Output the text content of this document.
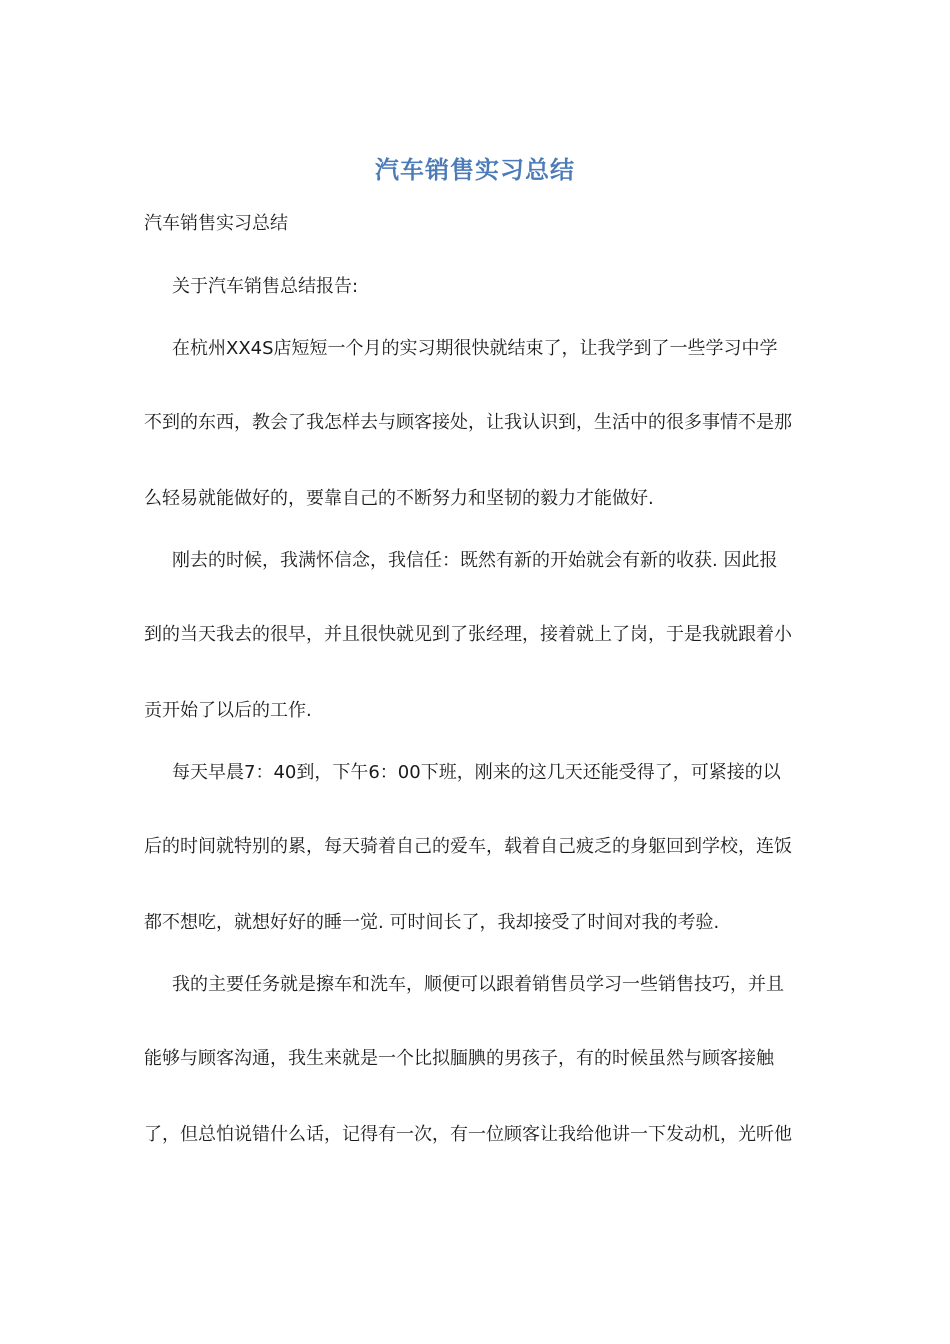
汽车销售实习总结
汽车销售实习总结
关于汽车销售总结报告:
在杭州XX4S店短短一个月的实习期很快就结束了，让我学到了一些学习中学
不到的东西，教会了我怎样去与顾客接处，让我认识到，生活中的很多事情不是那
么轻易就能做好的，要靠自己的不断努力和坚韧的毅力才能做好.
刚去的时候，我满怀信念，我信任：既然有新的开始就会有新的收获. 因此报
到的当天我去的很早，并且很快就见到了张经理，接着就上了岗，于是我就跟着小
贡开始了以后的工作.
每天早晨7：40到，下午6：00下班，刚来的这几天还能受得了，可紧接的以
后的时间就特别的累，每天骑着自己的爱车，载着自己疲乏的身躯回到学校，连饭
都不想吃，就想好好的睡一觉. 可时间长了，我却接受了时间对我的考验.
我的主要任务就是擦车和洗车，顺便可以跟着销售员学习一些销售技巧，并且
能够与顾客沟通，我生来就是一个比拟腼腆的男孩子，有的时候虽然与顾客接触
了，但总怕说错什么话，记得有一次，有一位顾客让我给他讲一下发动机，光听他
